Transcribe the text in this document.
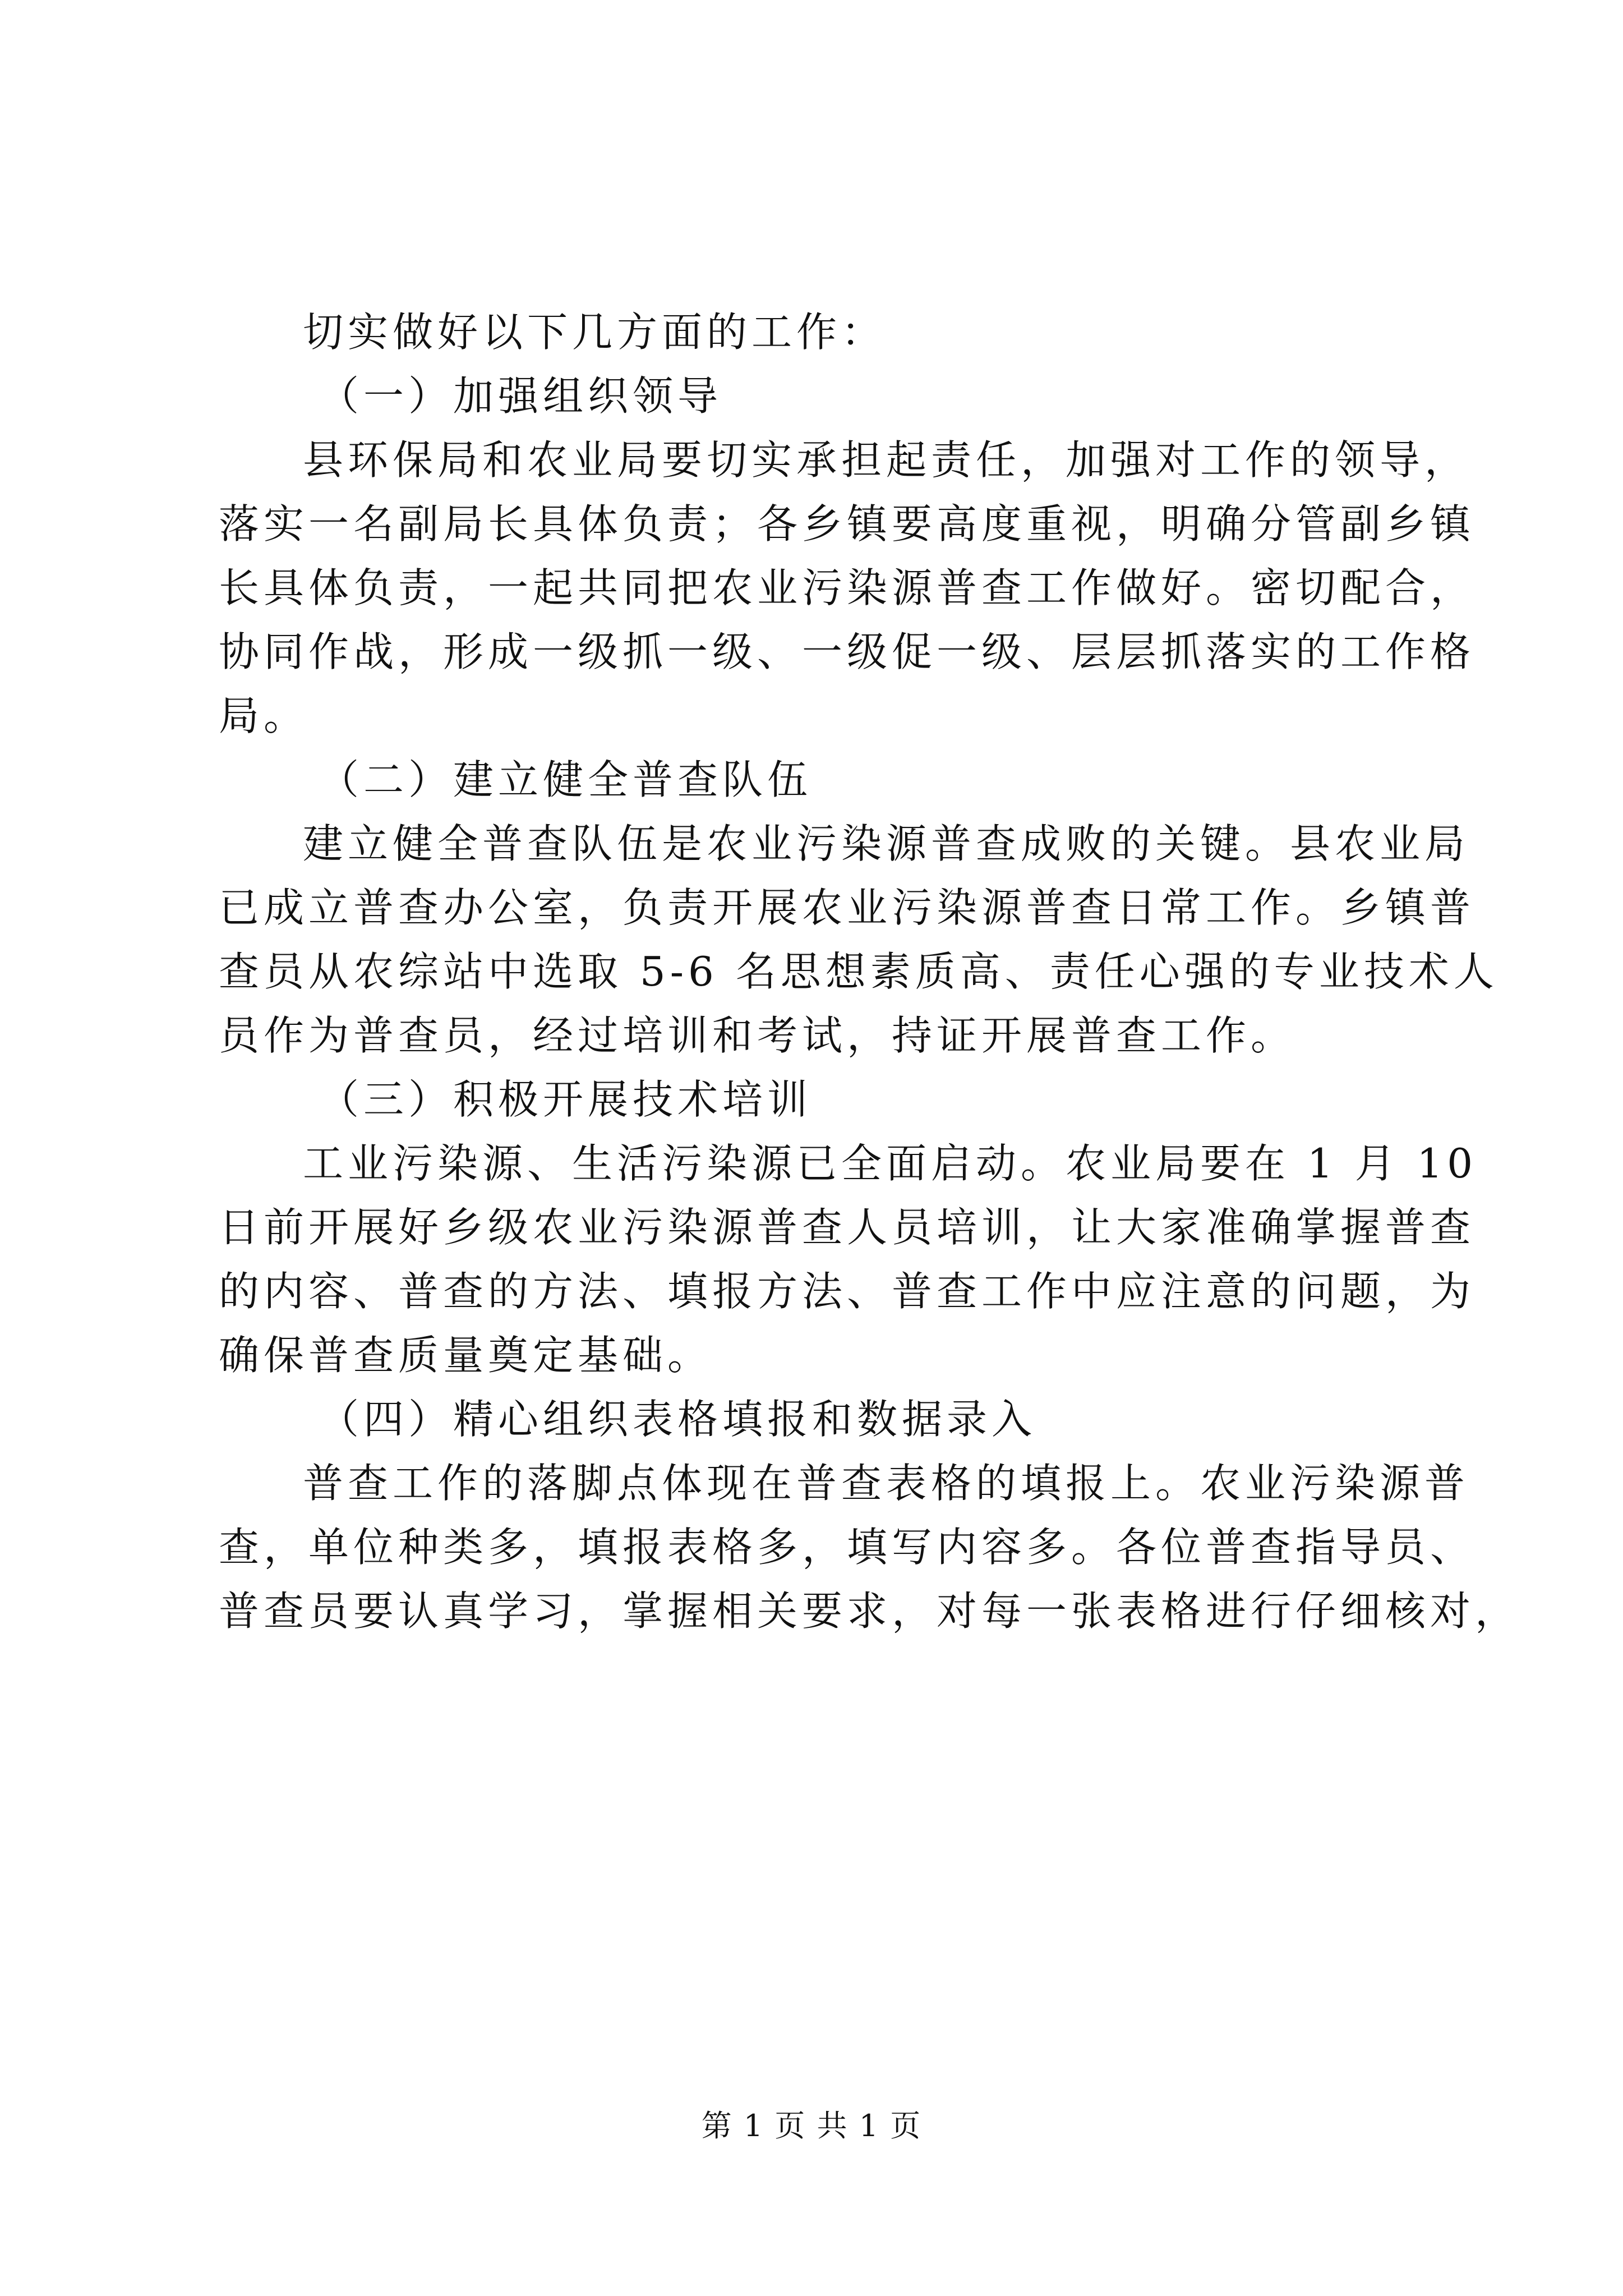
切实做好以下几方面的工作：
（一）加强组织领导
县环保局和农业局要切实承担起责任，加强对工作的领导，
落实一名副局长具体负责；各乡镇要高度重视，明确分管副乡镇
长具体负责，一起共同把农业污染源普查工作做好。密切配合，
协同作战，形成一级抓一级、一级促一级、层层抓落实的工作格
局。
（二）建立健全普查队伍
建立健全普查队伍是农业污染源普查成败的关键。县农业局
已成立普查办公室，负责开展农业污染源普查日常工作。乡镇普
查员从农综站中选取 5-6 名思想素质高、责任心强的专业技术人
员作为普查员，经过培训和考试，持证开展普查工作。
（三）积极开展技术培训
工业污染源、生活污染源已全面启动。农业局要在 1 月 10
日前开展好乡级农业污染源普查人员培训，让大家准确掌握普查
的内容、普查的方法、填报方法、普查工作中应注意的问题，为
确保普查质量奠定基础。
（四）精心组织表格填报和数据录入
普查工作的落脚点体现在普查表格的填报上。农业污染源普
查，单位种类多，填报表格多，填写内容多。各位普查指导员、
普查员要认真学习，掌握相关要求，对每一张表格进行仔细核对，
第 1 页 共 1 页
